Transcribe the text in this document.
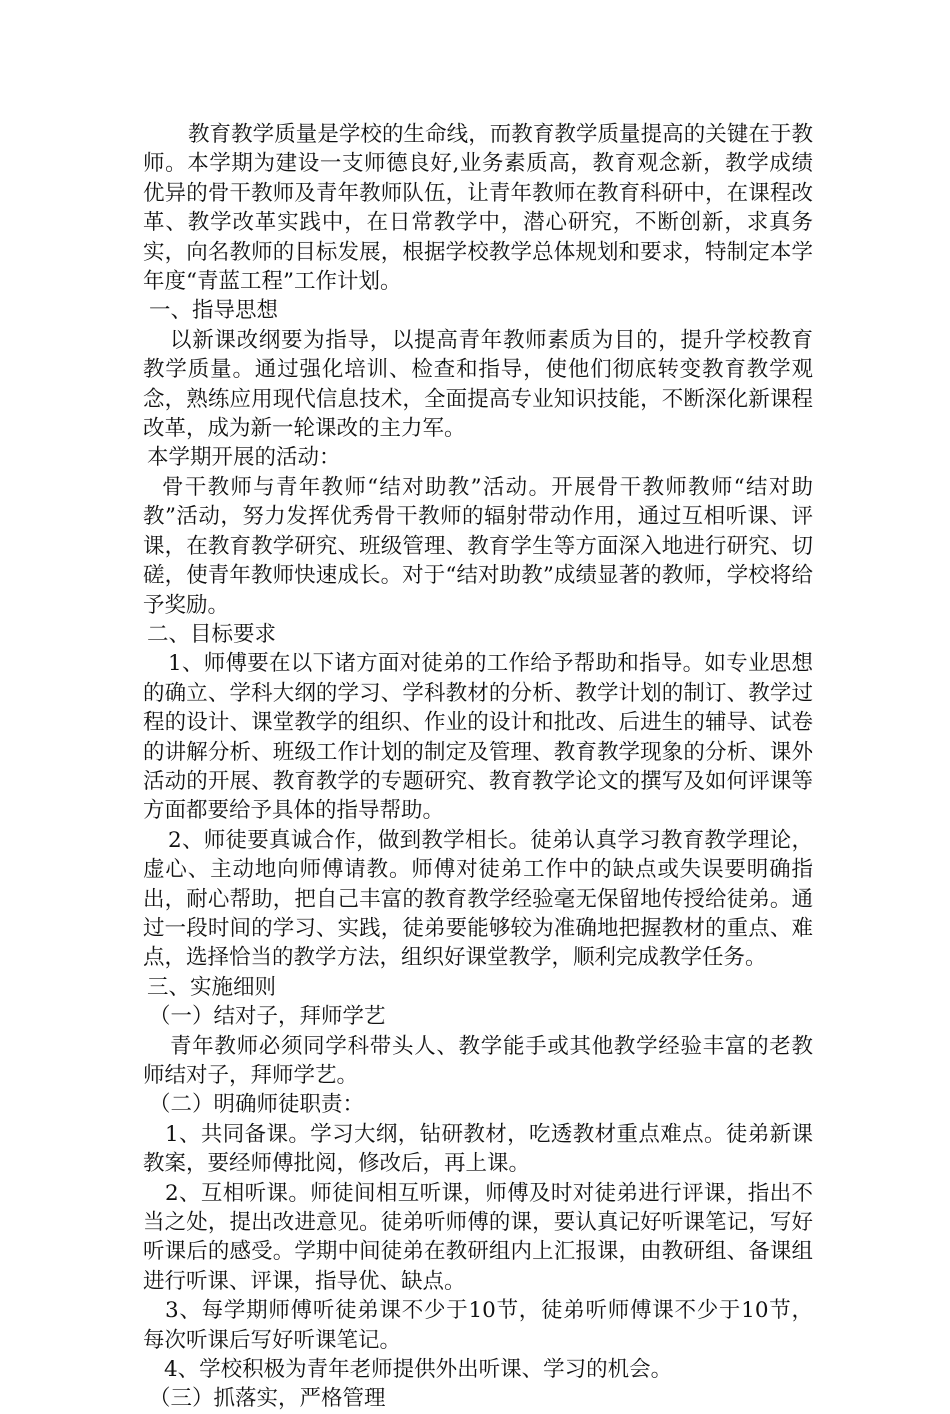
教育教学质量是学校的生命线，而教育教学质量提高的关键在于教师。本学期为建设一支师德良好,业务素质高，教育观念新，教学成绩优异的骨干教师及青年教师队伍，让青年教师在教育科研中，在课程改革、教学改革实践中，在日常教学中，潜心研究，不断创新，求真务实，向名教师的目标发展，根据学校教学总体规划和要求，特制定本学年度“青蓝工程”工作计划。

一、指导思想

以新课改纲要为指导，以提高青年教师素质为目的，提升学校教育教学质量。通过强化培训、检查和指导，使他们彻底转变教育教学观念，熟练应用现代信息技术，全面提高专业知识技能，不断深化新课程改革，成为新一轮课改的主力军。

本学期开展的活动：

骨干教师与青年教师“结对助教”活动。开展骨干教师教师“结对助教”活动，努力发挥优秀骨干教师的辐射带动作用，通过互相听课、评课，在教育教学研究、班级管理、教育学生等方面深入地进行研究、切磋，使青年教师快速成长。对于“结对助教”成绩显著的教师，学校将给予奖励。

二、目标要求

1、师傅要在以下诸方面对徒弟的工作给予帮助和指导。如专业思想的确立、学科大纲的学习、学科教材的分析、教学计划的制订、教学过程的设计、课堂教学的组织、作业的设计和批改、后进生的辅导、试卷的讲解分析、班级工作计划的制定及管理、教育教学现象的分析、课外活动的开展、教育教学的专题研究、教育教学论文的撰写及如何评课等方面都要给予具体的指导帮助。

2、师徒要真诚合作，做到教学相长。徒弟认真学习教育教学理论，虚心、主动地向师傅请教。师傅对徒弟工作中的缺点或失误要明确指出，耐心帮助，把自己丰富的教育教学经验毫无保留地传授给徒弟。通过一段时间的学习、实践，徒弟要能够较为准确地把握教材的重点、难点，选择恰当的教学方法，组织好课堂教学，顺利完成教学任务。

三、实施细则

（一）结对子，拜师学艺

青年教师必须同学科带头人、教学能手或其他教学经验丰富的老教师结对子，拜师学艺。

（二）明确师徒职责：

1、共同备课。学习大纲，钻研教材，吃透教材重点难点。徒弟新课教案，要经师傅批阅，修改后，再上课。

2、互相听课。师徒间相互听课，师傅及时对徒弟进行评课，指出不当之处，提出改进意见。徒弟听师傅的课，要认真记好听课笔记，写好听课后的感受。学期中间徒弟在教研组内上汇报课，由教研组、备课组进行听课、评课，指导优、缺点。

3、每学期师傅听徒弟课不少于10节，徒弟听师傅课不少于10节，每次听课后写好听课笔记。

4、学校积极为青年老师提供外出听课、学习的机会。

（三）抓落实，严格管理
